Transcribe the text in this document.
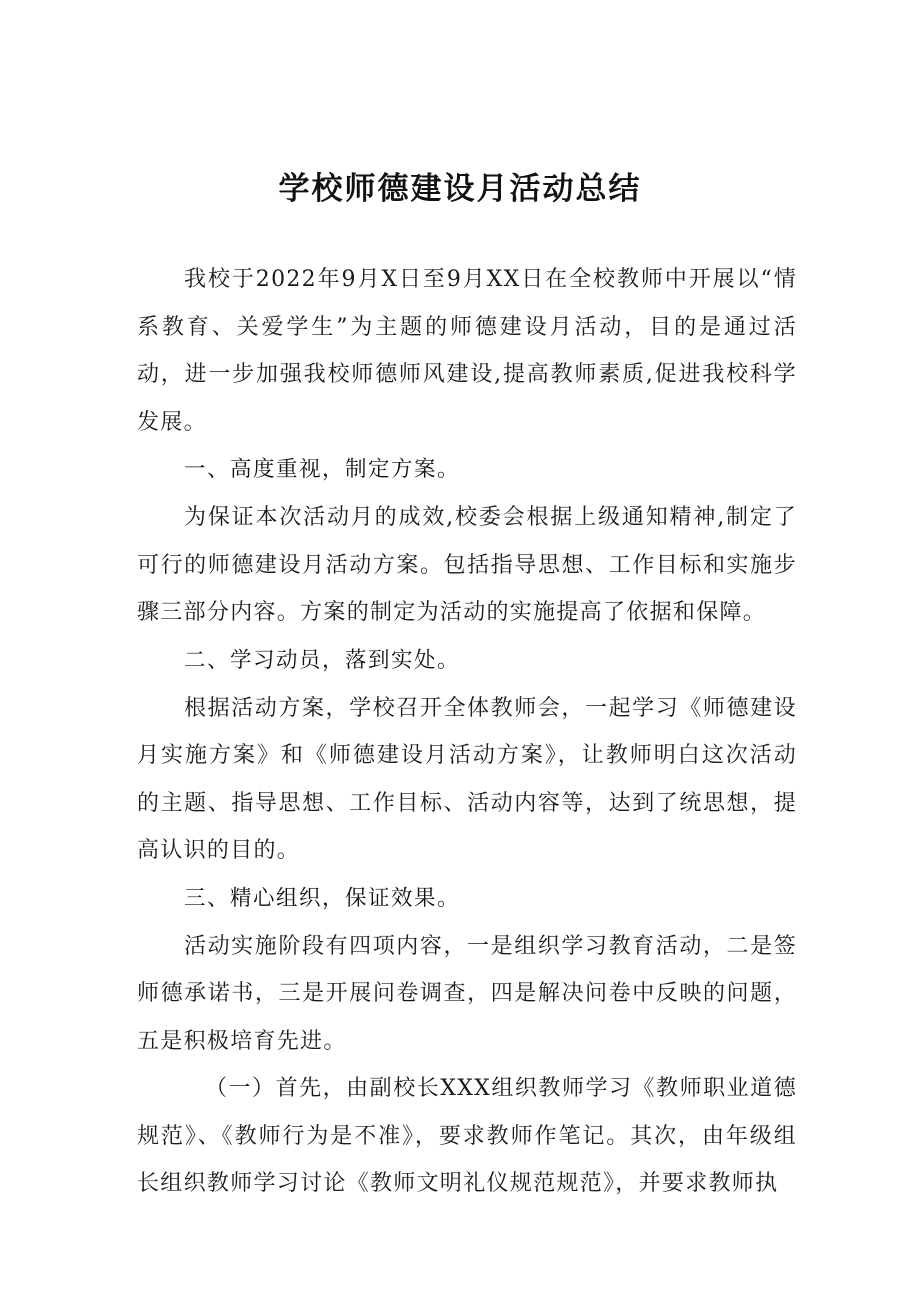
学校师德建设月活动总结

我校于2022年9月X日至9月XX日在全校教师中开展以“情系教育、关爱学生”为主题的师德建设月活动，目的是通过活动，进一步加强我校师德师风建设,提高教师素质,促进我校科学发展。

一、高度重视，制定方案。

为保证本次活动月的成效,校委会根据上级通知精神,制定了可行的师德建设月活动方案。包括指导思想、工作目标和实施步骤三部分内容。方案的制定为活动的实施提高了依据和保障。

二、学习动员，落到实处。

根据活动方案，学校召开全体教师会，一起学习《师德建设月实施方案》和《师德建设月活动方案》，让教师明白这次活动的主题、指导思想、工作目标、活动内容等，达到了统思想，提高认识的目的。

三、精心组织，保证效果。

活动实施阶段有四项内容，一是组织学习教育活动，二是签师德承诺书，三是开展问卷调查，四是解决问卷中反映的问题，五是积极培育先进。

（一）首先，由副校长XXX组织教师学习《教师职业道德规范》、《教师行为是不准》，要求教师作笔记。其次，由年级组长组织教师学习讨论《教师文明礼仪规范规范》，并要求教师执
